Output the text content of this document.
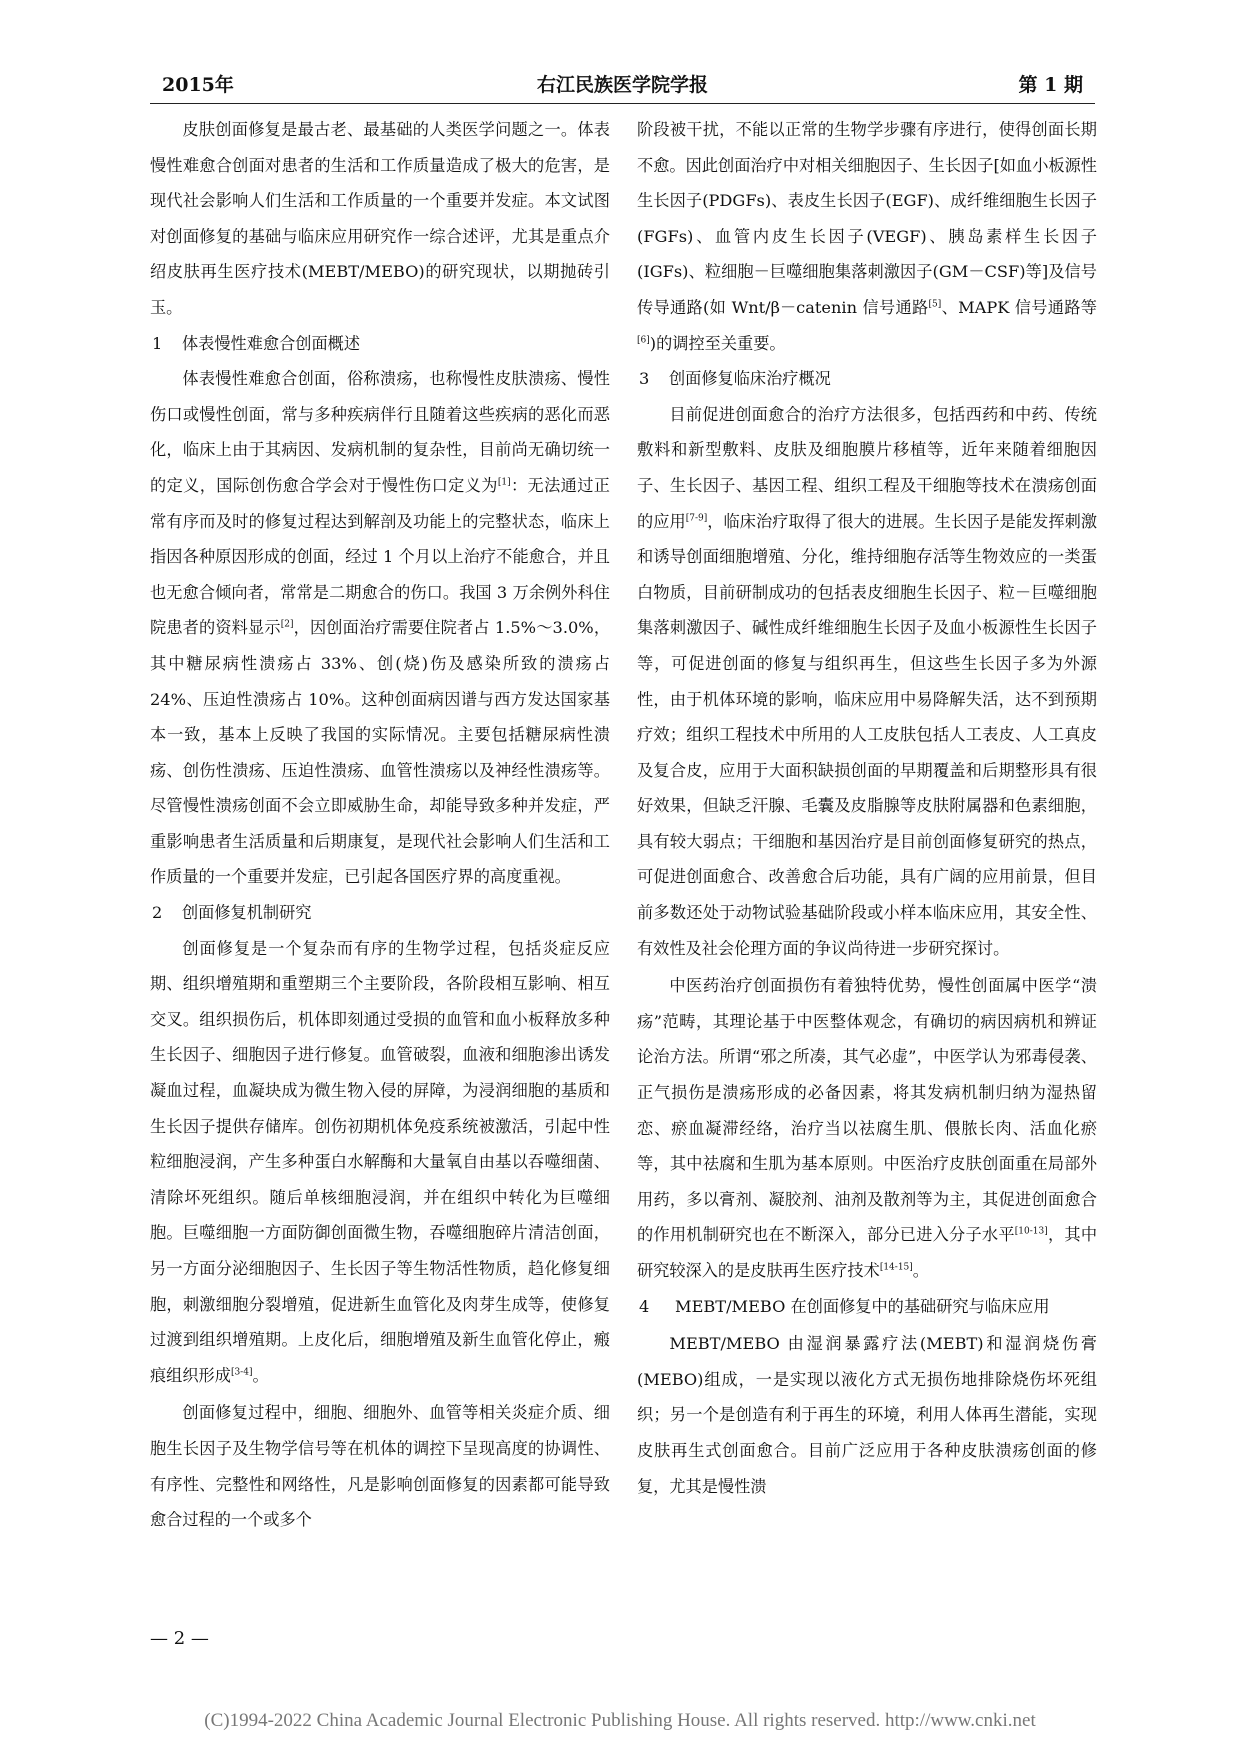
2015年	右江民族医学院学报	第 1 期

皮肤创面修复是最古老、最基础的人类医学问题之一。体表慢性难愈合创面对患者的生活和工作质量造成了极大的危害，是现代社会影响人们生活和工作质量的一个重要并发症。本文试图对创面修复的基础与临床应用研究作一综合述评，尤其是重点介绍皮肤再生医疗技术(MEBT/MEBO)的研究现状，以期抛砖引玉。

1 体表慢性难愈合创面概述

体表慢性难愈合创面，俗称溃疡，也称慢性皮肤溃疡、慢性伤口或慢性创面，常与多种疾病伴行且随着这些疾病的恶化而恶化，临床上由于其病因、发病机制的复杂性，目前尚无确切统一的定义，国际创伤愈合学会对于慢性伤口定义为[1]：无法通过正常有序而及时的修复过程达到解剖及功能上的完整状态，临床上指因各种原因形成的创面，经过 1 个月以上治疗不能愈合，并且也无愈合倾向者，常常是二期愈合的伤口。我国 3 万余例外科住院患者的资料显示[2]，因创面治疗需要住院者占 1.5%～3.0%，其中糖尿病性溃疡占 33%、创(烧)伤及感染所致的溃疡占 24%、压迫性溃疡占 10%。这种创面病因谱与西方发达国家基本一致，基本上反映了我国的实际情况。主要包括糖尿病性溃疡、创伤性溃疡、压迫性溃疡、血管性溃疡以及神经性溃疡等。尽管慢性溃疡创面不会立即威胁生命，却能导致多种并发症，严重影响患者生活质量和后期康复，是现代社会影响人们生活和工作质量的一个重要并发症，已引起各国医疗界的高度重视。

2 创面修复机制研究

创面修复是一个复杂而有序的生物学过程，包括炎症反应期、组织增殖期和重塑期三个主要阶段，各阶段相互影响、相互交叉。组织损伤后，机体即刻通过受损的血管和血小板释放多种生长因子、细胞因子进行修复。血管破裂，血液和细胞渗出诱发凝血过程，血凝块成为微生物入侵的屏障，为浸润细胞的基质和生长因子提供存储库。创伤初期机体免疫系统被激活，引起中性粒细胞浸润，产生多种蛋白水解酶和大量氧自由基以吞噬细菌、清除坏死组织。随后单核细胞浸润，并在组织中转化为巨噬细胞。巨噬细胞一方面防御创面微生物，吞噬细胞碎片清洁创面，另一方面分泌细胞因子、生长因子等生物活性物质，趋化修复细胞，刺激细胞分裂增殖，促进新生血管化及肉芽生成等，使修复过渡到组织增殖期。上皮化后，细胞增殖及新生血管化停止，瘢痕组织形成[3-4]。

创面修复过程中，细胞、细胞外、血管等相关炎症介质、细胞生长因子及生物学信号等在机体的调控下呈现高度的协调性、有序性、完整性和网络性，凡是影响创面修复的因素都可能导致愈合过程的一个或多个

阶段被干扰，不能以正常的生物学步骤有序进行，使得创面长期不愈。因此创面治疗中对相关细胞因子、生长因子[如血小板源性生长因子(PDGFs)、表皮生长因子(EGF)、成纤维细胞生长因子(FGFs)、血管内皮生长因子(VEGF)、胰岛素样生长因子(IGFs)、粒细胞－巨噬细胞集落刺激因子(GM－CSF)等]及信号传导通路(如 Wnt/β－catenin 信号通路[5]、MAPK 信号通路等[6])的调控至关重要。

3 创面修复临床治疗概况

目前促进创面愈合的治疗方法很多，包括西药和中药、传统敷料和新型敷料、皮肤及细胞膜片移植等，近年来随着细胞因子、生长因子、基因工程、组织工程及干细胞等技术在溃疡创面的应用[7-9]，临床治疗取得了很大的进展。生长因子是能发挥刺激和诱导创面细胞增殖、分化，维持细胞存活等生物效应的一类蛋白物质，目前研制成功的包括表皮细胞生长因子、粒－巨噬细胞集落刺激因子、碱性成纤维细胞生长因子及血小板源性生长因子等，可促进创面的修复与组织再生，但这些生长因子多为外源性，由于机体环境的影响，临床应用中易降解失活，达不到预期疗效；组织工程技术中所用的人工皮肤包括人工表皮、人工真皮及复合皮，应用于大面积缺损创面的早期覆盖和后期整形具有很好效果，但缺乏汗腺、毛囊及皮脂腺等皮肤附属器和色素细胞，具有较大弱点；干细胞和基因治疗是目前创面修复研究的热点，可促进创面愈合、改善愈合后功能，具有广阔的应用前景，但目前多数还处于动物试验基础阶段或小样本临床应用，其安全性、有效性及社会伦理方面的争议尚待进一步研究探讨。

中医药治疗创面损伤有着独特优势，慢性创面属中医学“溃疡”范畴，其理论基于中医整体观念，有确切的病因病机和辨证论治方法。所谓“邪之所凑，其气必虚”，中医学认为邪毒侵袭、正气损伤是溃疡形成的必备因素，将其发病机制归纳为湿热留恋、瘀血凝滞经络，治疗当以祛腐生肌、偎脓长肉、活血化瘀等，其中祛腐和生肌为基本原则。中医治疗皮肤创面重在局部外用药，多以膏剂、凝胶剂、油剂及散剂等为主，其促进创面愈合的作用机制研究也在不断深入，部分已进入分子水平[10-13]，其中研究较深入的是皮肤再生医疗技术[14-15]。

4 MEBT/MEBO 在创面修复中的基础研究与临床应用

MEBT/MEBO 由湿润暴露疗法(MEBT)和湿润烧伤膏(MEBO)组成，一是实现以液化方式无损伤地排除烧伤坏死组织；另一个是创造有利于再生的环境，利用人体再生潜能，实现皮肤再生式创面愈合。目前广泛应用于各种皮肤溃疡创面的修复，尤其是慢性溃

— 2 —
(C)1994-2022 China Academic Journal Electronic Publishing House. All rights reserved. http://www.cnki.net
